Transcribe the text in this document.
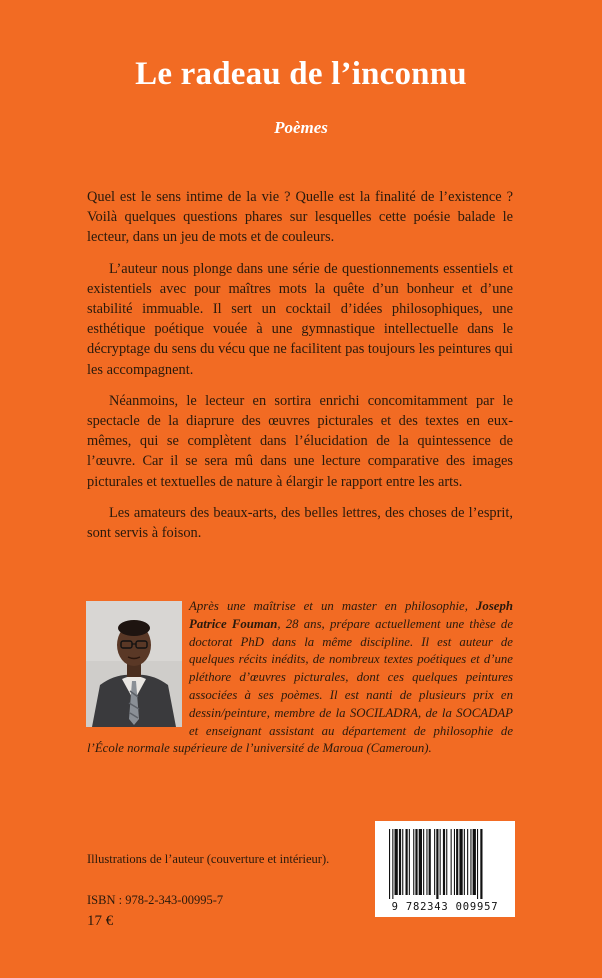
Le radeau de l’inconnu
Poèmes

Quel est le sens intime de la vie ? Quelle est la finalité de l’existence ? Voilà quelques questions phares sur lesquelles cette poésie balade le lecteur, dans un jeu de mots et de couleurs.

L’auteur nous plonge dans une série de questionnements essentiels et existentiels avec pour maîtres mots la quête d’un bonheur et d’une stabilité immuable. Il sert un cocktail d’idées philosophiques, une esthétique poétique vouée à une gymnastique intellectuelle dans le décryptage du sens du vécu que ne facilitent pas toujours les peintures qui les accompagnent.

Néanmoins, le lecteur en sortira enrichi concomitamment par le spectacle de la diaprure des œuvres picturales et des textes en eux-mêmes, qui se complètent dans l’élucidation de la quintessence de l’œuvre. Car il se sera mû dans une lecture comparative des images picturales et textuelles de nature à élargir le rapport entre les arts.

Les amateurs des beaux-arts, des belles lettres, des choses de l’esprit, sont servis à foison.

Après une maîtrise et un master en philosophie, Joseph Patrice Fouman, 28 ans, prépare actuellement une thèse de doctorat PhD dans la même discipline. Il est auteur de quelques récits inédits, de nombreux textes poétiques et d’une pléthore d’œuvres picturales, dont ces quelques peintures associées à ses poèmes. Il est nanti de plusieurs prix en dessin/peinture, membre de la SOCILADRA, de la SOCADAP et enseignant assistant au département de philosophie de l’École normale supérieure de l’université de Maroua (Cameroun).
Illustrations de l’auteur (couverture et intérieur).
ISBN : 978-2-343-00995-7
17 €
9 782343 009957
